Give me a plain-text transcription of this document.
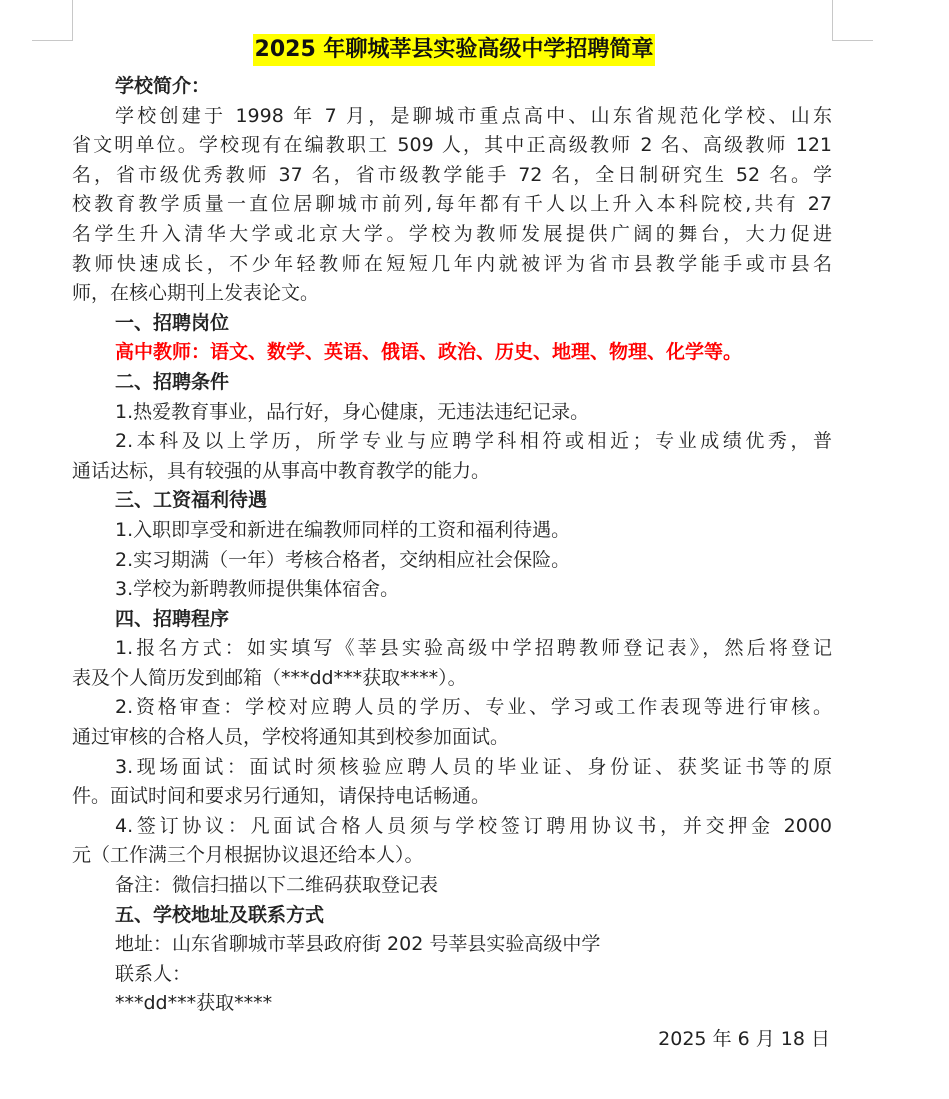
2025 年聊城莘县实验高级中学招聘简章
学校简介：
学校创建于 1998 年 7 月，是聊城市重点高中、山东省规范化学校、山东
省文明单位。学校现有在编教职工 509 人，其中正高级教师 2 名、高级教师 121
名，省市级优秀教师 37 名，省市级教学能手 72 名，全日制研究生 52 名。学
校教育教学质量一直位居聊城市前列,每年都有千人以上升入本科院校,共有 27
名学生升入清华大学或北京大学。学校为教师发展提供广阔的舞台，大力促进
教师快速成长，不少年轻教师在短短几年内就被评为省市县教学能手或市县名
师，在核心期刊上发表论文。
一、招聘岗位
高中教师：语文、数学、英语、俄语、政治、历史、地理、物理、化学等。
二、招聘条件
1.热爱教育事业，品行好，身心健康，无违法违纪记录。
2.本科及以上学历，所学专业与应聘学科相符或相近；专业成绩优秀，普
通话达标，具有较强的从事高中教育教学的能力。
三、工资福利待遇
1.入职即享受和新进在编教师同样的工资和福利待遇。
2.实习期满（一年）考核合格者，交纳相应社会保险。
3.学校为新聘教师提供集体宿舍。
四、招聘程序
1.报名方式：如实填写《莘县实验高级中学招聘教师登记表》，然后将登记
表及个人简历发到邮箱（***dd***获取****）。
2.资格审查：学校对应聘人员的学历、专业、学习或工作表现等进行审核。
通过审核的合格人员，学校将通知其到校参加面试。
3.现场面试：面试时须核验应聘人员的毕业证、身份证、获奖证书等的原
件。面试时间和要求另行通知，请保持电话畅通。
4.签订协议：凡面试合格人员须与学校签订聘用协议书，并交押金 2000
元（工作满三个月根据协议退还给本人）。
备注：微信扫描以下二维码获取登记表
五、学校地址及联系方式
地址：山东省聊城市莘县政府街 202 号莘县实验高级中学
联系人：
***dd***获取****
2025 年 6 月 18 日
